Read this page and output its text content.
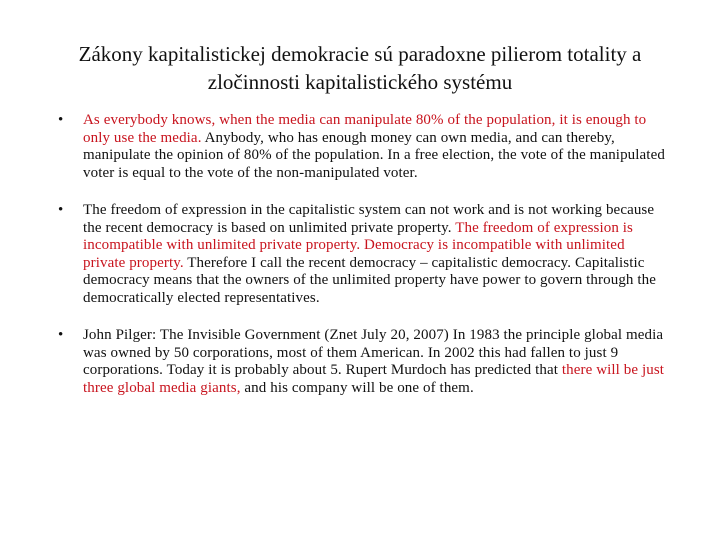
Zákony kapitalistickej demokracie sú paradoxne pilierom totality a zločinnosti kapitalistického systému
• As everybody knows, when the media can manipulate 80% of the population, it is enough to only use the media. Anybody, who has enough money can own media, and can thereby, manipulate the opinion of 80% of the population. In a free election, the vote of the manipulated voter is equal to the vote of the non-manipulated voter.
• The freedom of expression in the capitalistic system can not work and is not working because the recent democracy is based on unlimited private property. The freedom of expression is incompatible with unlimited private property. Democracy is incompatible with unlimited private property. Therefore I call the recent democracy – capitalistic democracy. Capitalistic democracy means that the owners of the unlimited property have power to govern through the democratically elected representatives.
• John Pilger: The Invisible Government (Znet July 20, 2007) In 1983 the principle global media was owned by 50 corporations, most of them American. In 2002 this had fallen to just 9 corporations. Today it is probably about 5. Rupert Murdoch has predicted that there will be just three global media giants, and his company will be one of them.
